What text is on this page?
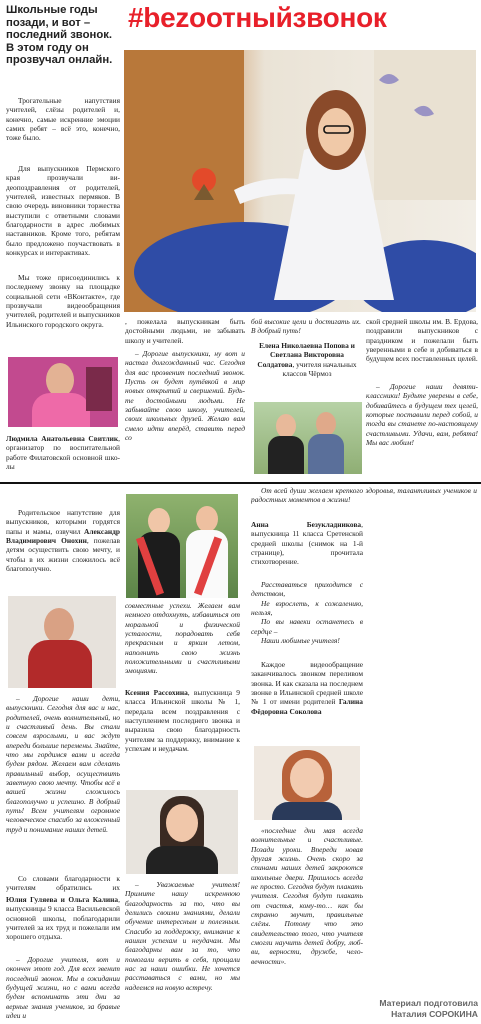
Школьные годы позади, и вот – последний звонок. В этом году он прозвучал онлайн.
#bеzoотныйзвонок
Трогательные напутствия учителей, слёзы родителей и, конечно, самые искренние эмоции самих ребят – всё это, конечно, тоже было.
Для выпускников Пермского края прозвучали видеопоздравления от родителей, учителей, известных пермяков. В свою очередь виновники торжества выступили с ответными словами благодарности в адрес любимых наставников. Кроме того, ребятам было предложено поучаствовать в конкурсах и интерактивах.
Мы тоже присоединились к последнему звонку на площадке социальной сети «ВКонтакте», где прозвучали видеообращения учителей, родителей и выпускников Ильинского городского округа.
Людмила Анатольевна Свитлик, организатор по воспитательной работе Филатовской основной школы
, пожелала выпускникам быть достойными людьми, не забывать школу и учителей.
– Дорогие выпускники, ну вот и настал долгожданный час. Сегодня для вас прозвенит последний звонок. Пусть он будет путёвкой в мир новых открытий и свершений. Будьте достойными людьми. Не забывайте свою школу, учителей, своих школьных друзей. Желаю вам смело идти вперёд, ставить перед со
бой высокие цели и достигать их. В добрый путь!
Елена Николаевна Попова и Светлана Викторовна Солдатова, учителя начальных классов Чёрмоз
ской средней школы им. В. Ердова, поздравили выпускников с праздником и пожелали быть уверенными в себе и добиваться в будущем всех поставленных целей.
– Дорогие наши девятиклассники! Будьте уверены в себе, добивайтесь в будущем тех целей, которые поставили перед собой, и тогда вы станете по-настоящему счастливыми. Удачи, вам, ребята! Мы вас любим!
От всей души желаем крепкого здоровья, талантливых учеников и радостных моментов в жизни!
Родительское напутствие для выпускников, которыми гордятся папы и мамы, озвучил Александр Владимирович Онохин, пожелав детям осуществить свою мечту, и чтобы в их жизни сложилось всё благополучно.
– Дорогие наши дети, выпускники. Сегодня для вас и нас, родителей, очень волнительный, но и счастливый день. Вы стали совсем взрослыми, и вас ждут впереди большие перемены. Знайте, что мы гордимся вами и всегда будем рядом. Желаем вам сделать правильный выбор, осуществить заветную свою мечту. Чтобы всё в вашей жизни сложилось благополучно и успешно. В добрый путь! Всем учителям огромное человеческое спасибо за вложенный труд и понимание наших детей.
Со словами благодарности к учителям обратились их
Юлия Гуляева и Ольга Калина, выпускницы 9 класса Васильевской основной школы, поблагодарили учителей за их труд и пожелали им хорошего отдыха.
– Дорогие учителя, вот и окончен этот год. Для всех звенит последний звонок. Мы в ожидании будущей жизни, но с вами всегда будем вспоминать эти дни за верные знания учеников, за бравые идеи и
совместные успехи. Желаем вам немного отдохнуть, избавиться от моральной и физической усталости, порадовать себя прекрасным и ярким летом, наполнить свою жизнь положительными и счастливыми эмоциями.
Ксения Рассохина, выпускница 9 класса Ильинской школы № 1, передала всем поздравления с наступлением последнего звонка и выразила свою благодарность учителям за поддержку, внимание к успехам и неудачам.
– Уважаемые учителя! Примите нашу искреннюю благодарность за то, что вы делились своими знаниями, делали обучение интересным и полезным. Спасибо за поддержку, внимание к нашим успехам и неудачам. Мы благодарны вам за то, что помогали верить в себя, прощали нас за наши ошибки. Не хочется расставаться с вами, но мы надеемся на новую встречу.
Анна Безукладникова, выпускница 11 класса Сретенской средней школы (снимок на 1-й странице), прочитала стихотворение.
Расставаться приходится с детством,
Не взрослеть, к сожалению, нельзя,
По вы навеки останетесь в сердце –
Наши любимые учителя!
Каждое видеообращение заканчивалось звонком переливом звонка. И как сказала на последнем звонке в Ильинской средней школе № 1 от имени родителей Галина Фёдоровна Соколова
«последние дни мая всегда волнительные и счастливые. Позади уроки. Впереди новая другая жизнь. Очень скоро за спинами наших детей закроются школьные двери. Пришлось всегда не просто. Сегодня будут плакать учителя. Сегодня будут плакать от счастья, кому-то… как бы странно звучит, правильные слёзы. Потому что это свидетельство того, что учителя смогли научить детей добру, любви, верности, дружбе, человечности».
Материал подготовила
Наталия СОРОКИНА
